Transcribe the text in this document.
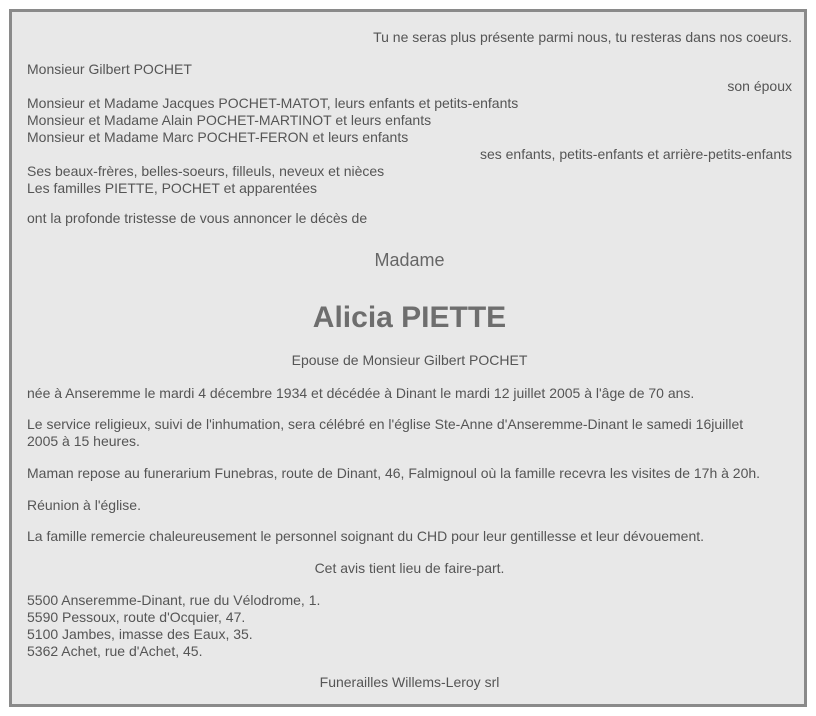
Tu ne seras plus présente parmi nous, tu resteras dans nos coeurs.
Monsieur Gilbert POCHET
son époux
Monsieur et Madame Jacques POCHET-MATOT, leurs enfants et petits-enfants
Monsieur et Madame Alain POCHET-MARTINOT et leurs enfants
Monsieur et Madame Marc POCHET-FERON et leurs enfants
ses enfants, petits-enfants et arrière-petits-enfants
Ses beaux-frères, belles-soeurs, filleuls, neveux et nièces
Les familles PIETTE, POCHET et apparentées
ont la profonde tristesse de vous annoncer le décès de
Madame
Alicia PIETTE
Epouse de Monsieur Gilbert POCHET
née à Anseremme le mardi 4 décembre 1934 et décédée à Dinant le mardi 12 juillet 2005 à l'âge de 70 ans.
Le service religieux, suivi de l'inhumation, sera célébré en l'église Ste-Anne d'Anseremme-Dinant le samedi 16juillet
2005 à 15 heures.
Maman repose au funerarium Funebras, route de Dinant, 46, Falmignoul où la famille recevra les visites de 17h à 20h.
Réunion à l'église.
La famille remercie chaleureusement le personnel soignant du CHD pour leur gentillesse et leur dévouement.
Cet avis tient lieu de faire-part.
5500 Anseremme-Dinant, rue du Vélodrome, 1.
5590 Pessoux, route d'Ocquier, 47.
5100 Jambes, imasse des Eaux, 35.
5362 Achet, rue d'Achet, 45.
Funerailles Willems-Leroy srl
